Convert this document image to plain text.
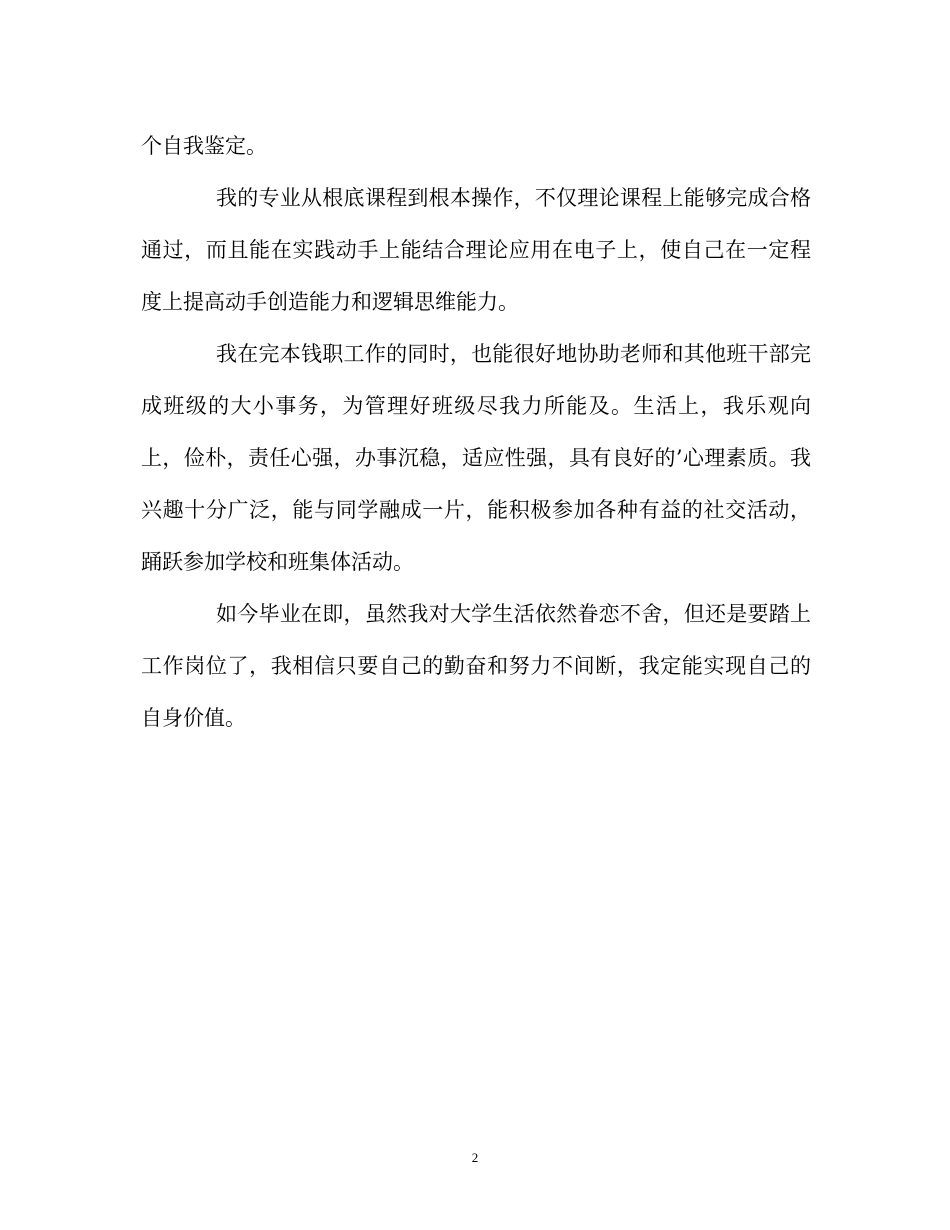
个自我鉴定。

我的专业从根底课程到根本操作，不仅理论课程上能够完成合格通过，而且能在实践动手上能结合理论应用在电子上，使自己在一定程度上提高动手创造能力和逻辑思维能力。

我在完本钱职工作的同时，也能很好地协助老师和其他班干部完成班级的大小事务，为管理好班级尽我力所能及。生活上，我乐观向上，俭朴，责任心强，办事沉稳，适应性强，具有良好的’心理素质。我兴趣十分广泛，能与同学融成一片，能积极参加各种有益的社交活动，踊跃参加学校和班集体活动。

如今毕业在即，虽然我对大学生活依然眷恋不舍，但还是要踏上工作岗位了，我相信只要自己的勤奋和努力不间断，我定能实现自己的自身价值。

2
